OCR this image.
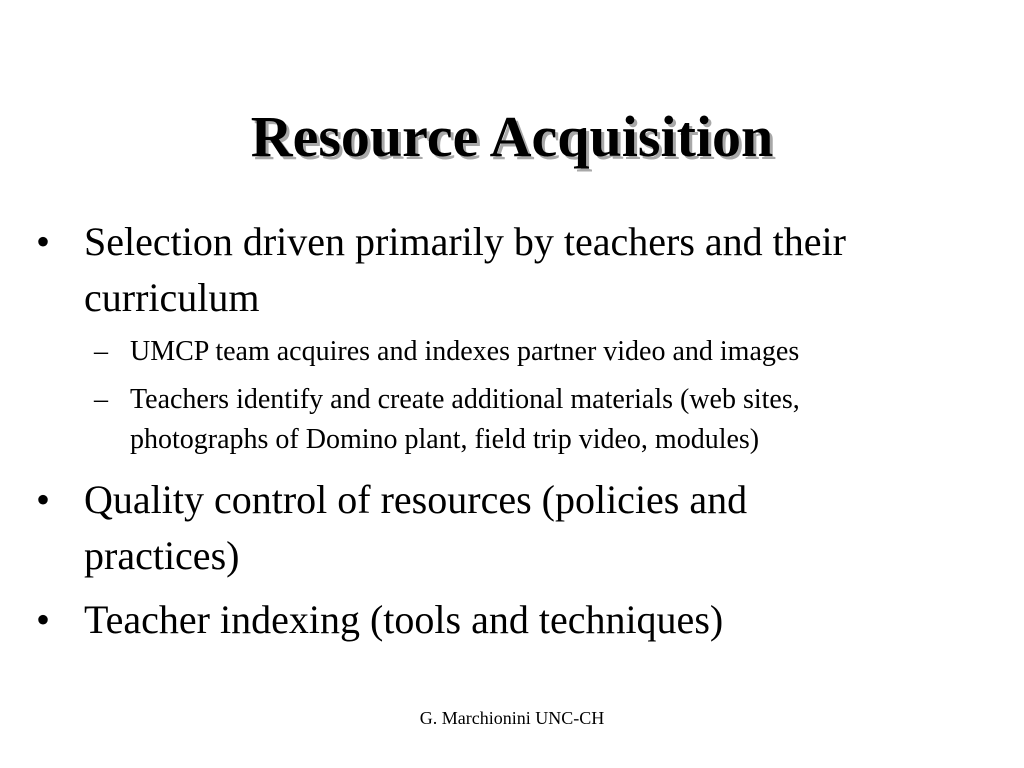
Resource Acquisition
• Selection driven primarily by teachers and their
curriculum
– UMCP team acquires and indexes partner video and images
– Teachers identify and create additional materials (web sites,
photographs of Domino plant, field trip video, modules)
• Quality control of resources (policies and
practices)
• Teacher indexing (tools and techniques)
G. Marchionini UNC-CH
